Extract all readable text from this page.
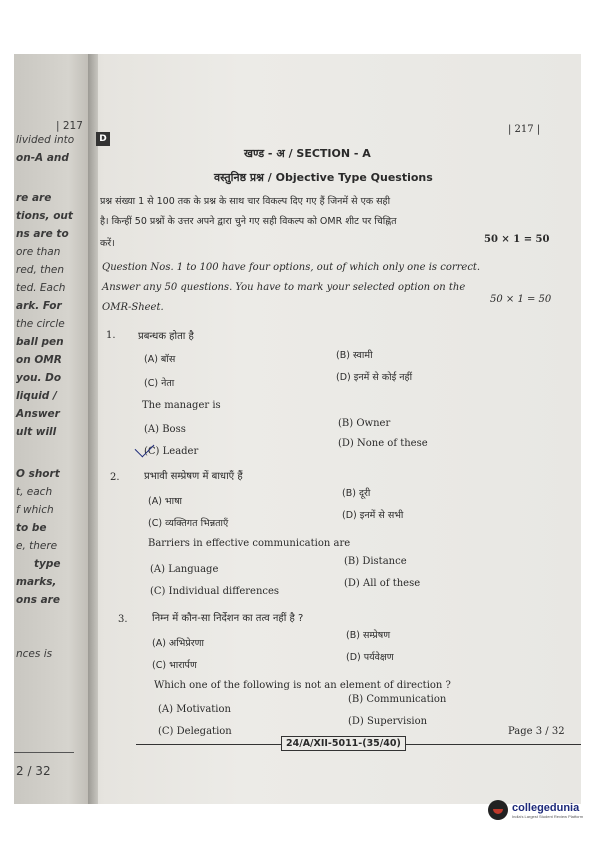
| 217
livided into
on-A and
re are
tions, out
ns are to
ore than
red, then
ted. Each
ark. For
the circle
ball pen
on OMR
you. Do
liquid /
Answer
ult will
O short
t, each
f which
to be
e, there
type
marks,
ons are
nces is
2 / 32
D
| 217 |
खण्ड - अ / SECTION - A
वस्तुनिष्ठ प्रश्न / Objective Type Questions
प्रश्न संख्या 1 से 100 तक के प्रश्न के साथ चार विकल्प दिए गए हैं जिनमें से एक सही
है। किन्हीं 50 प्रश्नों के उत्तर अपने द्वारा चुने गए सही विकल्प को OMR शीट पर चिह्नित
करें।	50 × 1 = 50
Question Nos. 1 to 100 have four options, out of which only one is correct.
Answer any 50 questions. You have to mark your selected option on the
OMR-Sheet.
50 × 1 = 50
1. प्रबन्धक होता है
(A) बॉस	(B) स्वामी
(C) नेता
(D) इनमें से कोई नहीं
The manager is
(A) Boss
(B) Owner
(C) Leader
(D) None of these
2. प्रभावी सम्प्रेषण में बाधाएँ हैं
(A) भाषा
(B) दूरी
(C) व्यक्तिगत भिन्नताएँ
(D) इनमें से सभी
Barriers in effective communication are
(A) Language
(B) Distance
(C) Individual differences
(D) All of these
3. निम्न में कौन-सा निर्देशन का तत्व नहीं है ?
(A) अभिप्रेरणा
(B) सम्प्रेषण
(C) भारार्पण
(D) पर्यवेक्षण
Which one of the following is not an element of direction ?
(A) Motivation
(B) Communication
(C) Delegation
(D) Supervision
24/A/XII-5011-(35/40)
Page 3 / 32
collegedunia
India's Largest Student Review Platform
